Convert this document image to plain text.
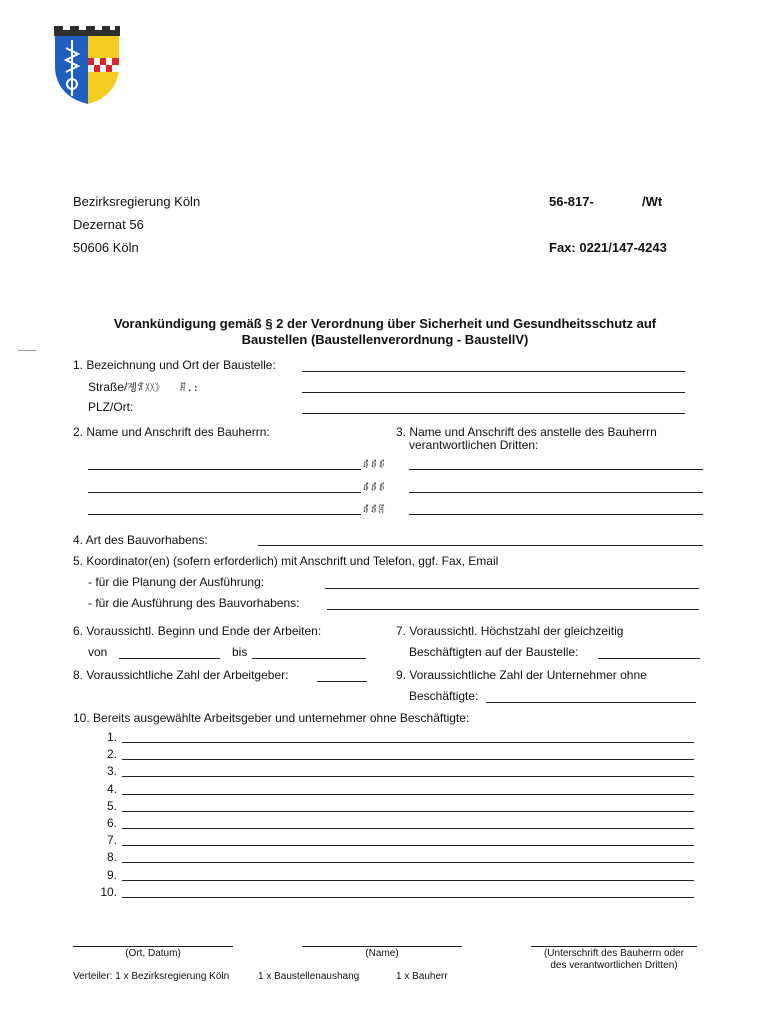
Bezirksregierung Köln
Dezernat 56
50606 Köln
56-817-	/Wt
Fax: 0221/147-4243
Vorankündigung gemäß § 2 der Verordnung über Sicherheit und Gesundheitsschutz auf
Baustellen (Baustellenverordnung - BaustellV)
1. Bezeichnung und Ort der Baustelle:
Straße/졩ꅼ〷》 ꁲ.:
PLZ/Ort:
2. Name und Anschrift des Bauherrn:	3. Name und Anschrift des anstelle des Bauherrn
verantwortlichen Dritten:
ꁮꁮꁮ
ꁮꁮꁮ
ꁮꁮꁲ
4. Art des Bauvorhabens:
5. Koordinator(en) (sofern erforderlich) mit Anschrift und Telefon, ggf. Fax, Email
- für die Planung der Ausführung:
- für die Ausführung des Bauvorhabens:
6. Voraussichtl. Beginn und Ende der Arbeiten:	7. Voraussichtl. Höchstzahl der gleichzeitig
von	bis	Beschäftigten auf der Baustelle:
8. Voraussichtliche Zahl der Arbeitgeber:	9. Voraussichtliche Zahl der Unternehmer ohne
Beschäftigte:
10. Bereits ausgewählte Arbeitsgeber und unternehmer ohne Beschäftigte:
1.
2.
3.
4.
5.
6.
7.
8.
9.
10.
(Ort, Datum)	(Name)	(Unterschrift des Bauherrn oder
des verantwortlichen Dritten)
Verteiler: 1 x Bezirksregierung Köln	1 x Baustellenaushang	1 x Bauherr
